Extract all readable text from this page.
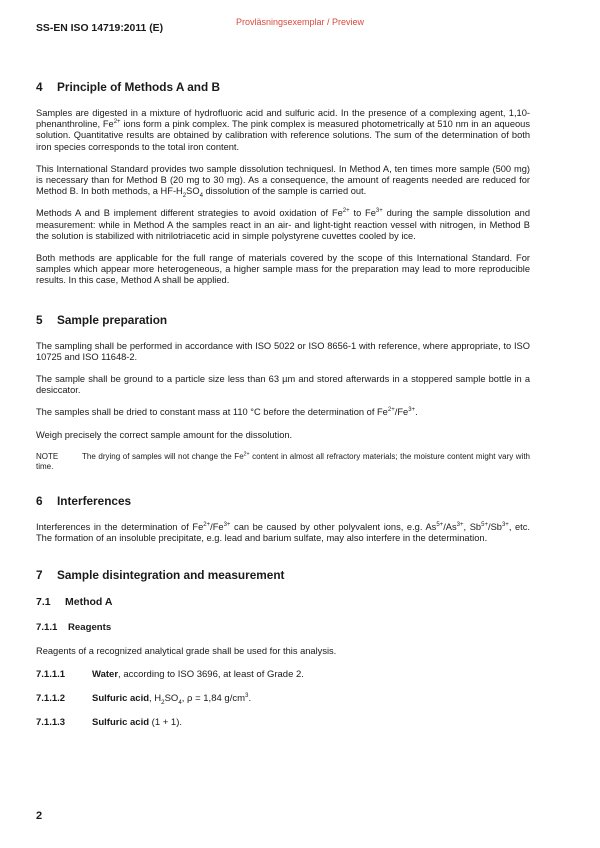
SS-EN ISO 14719:2011 (E)
Provläsningsexemplar / Preview
4	Principle of Methods A and B

Samples are digested in a mixture of hydrofluoric acid and sulfuric acid. In the presence of a complexing agent, 1,10-phenanthroline, $Fe^{2+}$ ions form a pink complex. The pink complex is measured photometrically at 510 nm in an aqueous solution. Quantitative results are obtained by calibration with reference solutions. The sum of the determination of both iron species corresponds to the total iron content.

This International Standard provides two sample dissolution techniquesl. In Method A, ten times more sample (500 mg) is necessary than for Method B (20 mg to 30 mg). As a consequence, the amount of reagents needed are reduced for Method B. In both methods, a $HF-H_2SO_4$ dissolution of the sample is carried out.

Methods A and B implement different strategies to avoid oxidation of $Fe^{2+}$ to $Fe^{3+}$ during the sample dissolution and measurement: while in Method A the samples react in an air- and light-tight reaction vessel with nitrogen, in Method B the solution is stabilized with nitrilotriacetic acid in simple polystyrene cuvettes cooled by ice.

Both methods are applicable for the full range of materials covered by the scope of this International Standard. For samples which appear more heterogeneous, a higher sample mass for the preparation may lead to more reproducible results. In this case, Method A shall be applied.

5	Sample preparation

The sampling shall be performed in accordance with ISO 5022 or ISO 8656-1 with reference, where appropriate, to ISO 10725 and ISO 11648-2.

The sample shall be ground to a particle size less than 63 µm and stored afterwards in a stoppered sample bottle in a desiccator.

The samples shall be dried to constant mass at 110 °C before the determination of $Fe^{2+}/Fe^{3+}$.

Weigh precisely the correct sample amount for the dissolution.

NOTE	The drying of samples will not change the $Fe^{2+}$ content in almost all refractory materials; the moisture content might vary with time.
6	Interferences

Interferences in the determination of $Fe^{2+}/Fe^{3+}$ can be caused by other polyvalent ions, e.g. $As^{5+}/As^{3+}$, $Sb^{5+}/Sb^{3+}$, etc. The formation of an insoluble precipitate, e.g. lead and barium sulfate, may also interfere in the determination.

7	Sample disintegration and measurement
7.1	Method A
7.1.1	Reagents

Reagents of a recognized analytical grade shall be used for this analysis.

7.1.1.1	Water, according to ISO 3696, at least of Grade 2.
7.1.1.2	Sulfuric acid, $H_2SO_4$, ρ = 1,84 $g/cm^3$.
7.1.1.3	Sulfuric acid (1 + 1).
2
